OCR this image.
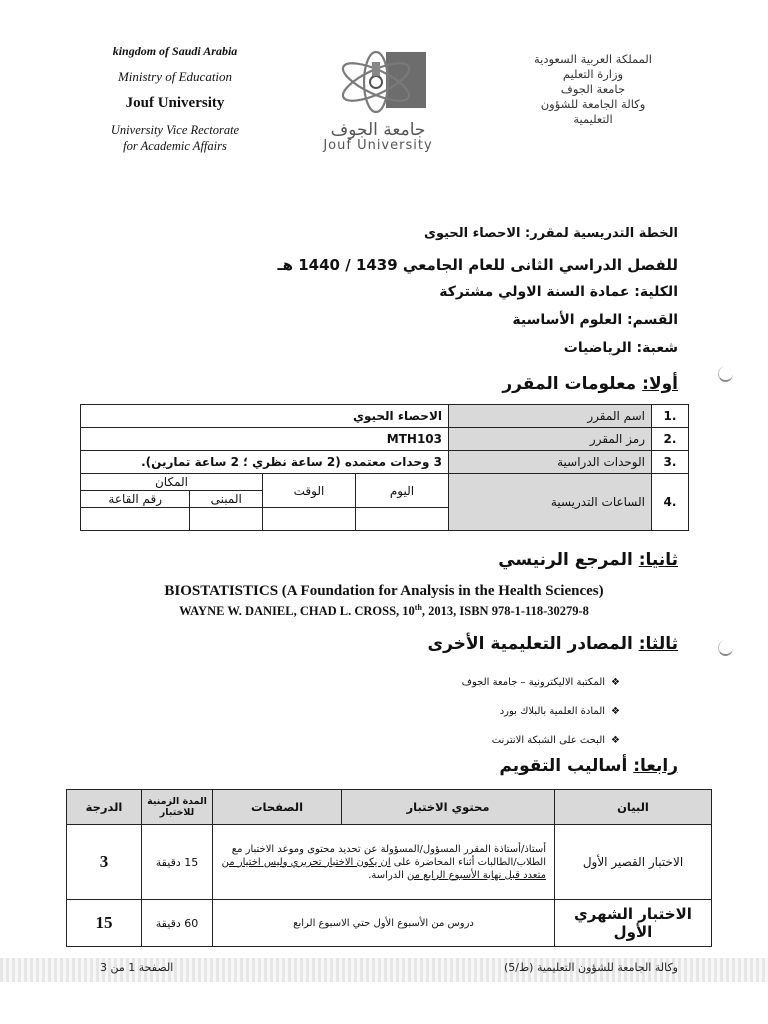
kingdom of Saudi Arabia
Ministry of Education
Jouf University
University Vice Rectorate
for Academic Affairs
جامعة الجوف
Jouf University
المملكة العربية السعودية
وزارة التعليم
جامعة الجوف
وكالة الجامعة للشؤون
التعليمية
الخطة التدريسية لمقرر: الاحصاء الحيوى
للفصل الدراسي الثانى للعام الجامعي 1439 / 1440 هـ
الكلية: عمادة السنة الاولي مشتركة
القسم: العلوم الأساسية
شعبة: الرياضيات
أولا: معلومات المقرر
.1	اسم المقرر	الاحصاء الحيوي			
.2	رمز المقرر	MTH103			
.3	الوحدات الدراسية	3 وحدات معتمده (2 ساعة نظري ؛ 2 ساعة تمارين).			
.4	الساعات التدريسية	اليوم	الوقت	المكان	
				المبنى	رقم القاعة

ثانيا: المرجع الرنيسي
BIOSTATISTICS (A Foundation for Analysis in the Health Sciences)
WAYNE W. DANIEL, CHAD L. CROSS, 10th, 2013, ISBN 978-1-118-30279-8
ثالثا: المصادر التعليمية الأخرى
❖المكتبة الاليكترونية – جامعة الجوف
❖المادة العلمية بالبلاك بورد
❖البحث على الشبكة الانترنت
رابعا: أساليب التقويم
البيان	محتوي الاختبار	الصفحات	المدة الزمنية للاختبار	الدرجة
الاختبار القصير الأول	أستاذ/أستاذة المقرر المسؤول/المسؤولة عن تحديد محتوى وموعد الاختبار مع الطلاب/الطالبات أثناء المحاضرة على ان يكون الاختبار تحريري وليس اختيار من متعدد قبل نهاية الأسبوع الرابع من الدراسة.		15 دقيقة	3
الاختبار الشهري الأول	دروس من الأسبوع الأول حتي الاسبوع الرابع		60 دقيقة	15
وكالة الجامعة للشؤون التعليمية (ط/5)
الصفحة 1 من 3
